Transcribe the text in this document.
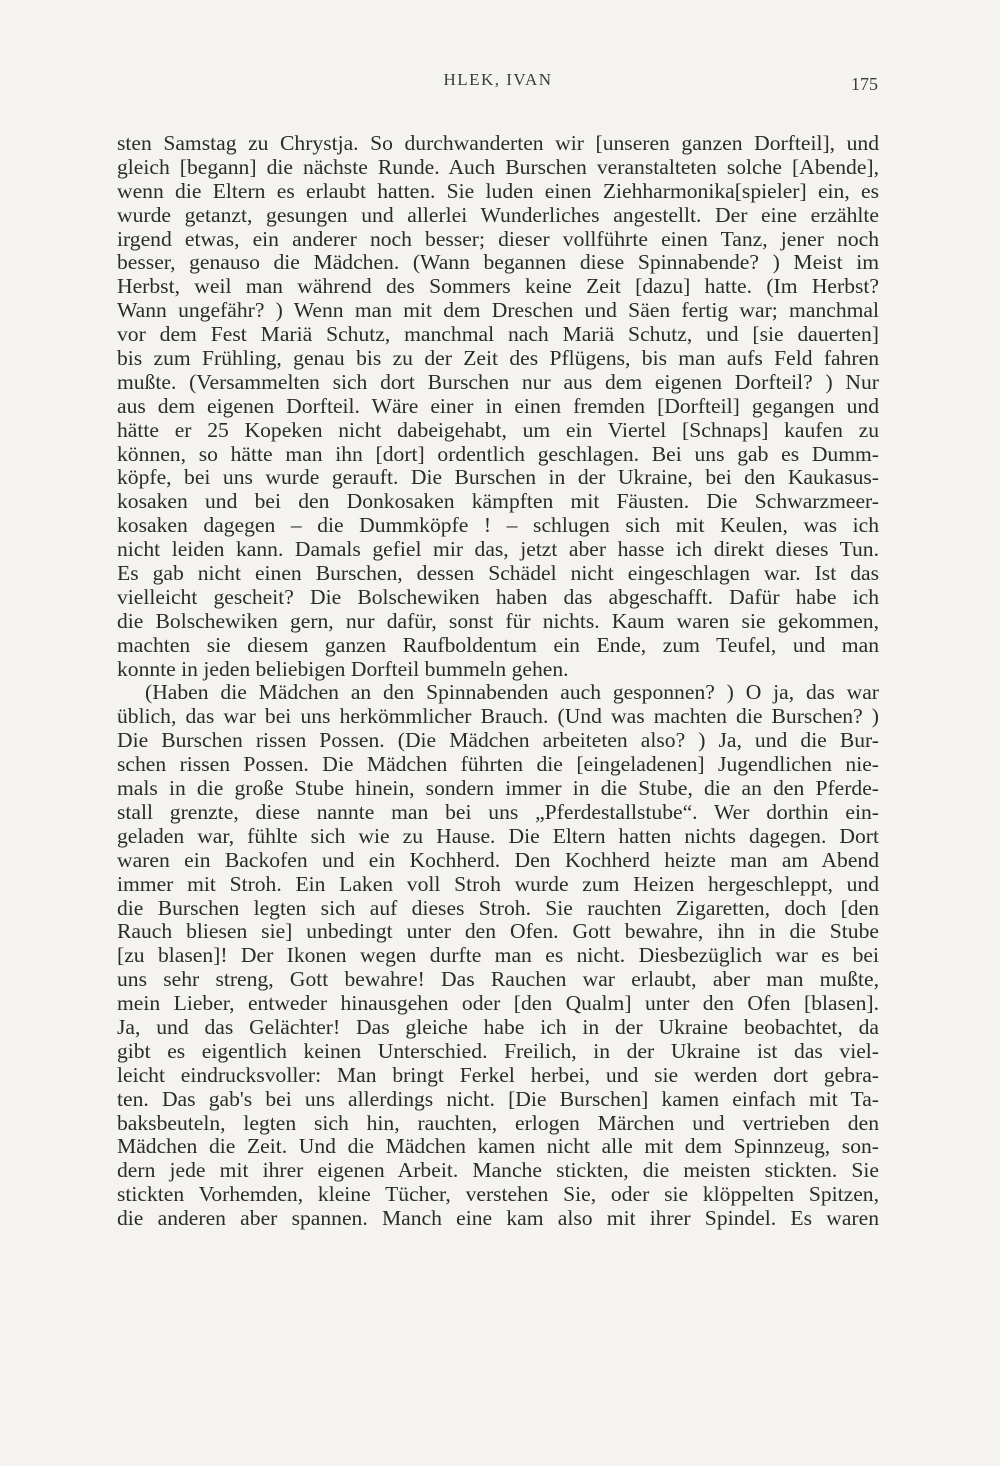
HLEK, IVAN	175
sten Samstag zu Chrystja. So durchwanderten wir [unseren ganzen Dorfteil], und
gleich [begann] die nächste Runde. Auch Burschen veranstalteten solche [Abende],
wenn die Eltern es erlaubt hatten. Sie luden einen Ziehharmonika[spieler] ein, es
wurde getanzt, gesungen und allerlei Wunderliches angestellt. Der eine erzählte
irgend etwas, ein anderer noch besser; dieser vollführte einen Tanz, jener noch
besser, genauso die Mädchen. (Wann begannen diese Spinnabende? ) Meist im
Herbst, weil man während des Sommers keine Zeit [dazu] hatte. (Im Herbst?
Wann ungefähr? ) Wenn man mit dem Dreschen und Säen fertig war; manchmal
vor dem Fest Mariä Schutz, manchmal nach Mariä Schutz, und [sie dauerten]
bis zum Frühling, genau bis zu der Zeit des Pflügens, bis man aufs Feld fahren
mußte. (Versammelten sich dort Burschen nur aus dem eigenen Dorfteil? ) Nur
aus dem eigenen Dorfteil. Wäre einer in einen fremden [Dorfteil] gegangen und
hätte er 25 Kopeken nicht dabeigehabt, um ein Viertel [Schnaps] kaufen zu
können, so hätte man ihn [dort] ordentlich geschlagen. Bei uns gab es Dumm-
köpfe, bei uns wurde gerauft. Die Burschen in der Ukraine, bei den Kaukasus-
kosaken und bei den Donkosaken kämpften mit Fäusten. Die Schwarzmeer-
kosaken dagegen – die Dummköpfe ! – schlugen sich mit Keulen, was ich
nicht leiden kann. Damals gefiel mir das, jetzt aber hasse ich direkt dieses Tun.
Es gab nicht einen Burschen, dessen Schädel nicht eingeschlagen war. Ist das
vielleicht gescheit? Die Bolschewiken haben das abgeschafft. Dafür habe ich
die Bolschewiken gern, nur dafür, sonst für nichts. Kaum waren sie gekommen,
machten sie diesem ganzen Raufboldentum ein Ende, zum Teufel, und man
konnte in jeden beliebigen Dorfteil bummeln gehen.
(Haben die Mädchen an den Spinnabenden auch gesponnen? ) O ja, das war
üblich, das war bei uns herkömmlicher Brauch. (Und was machten die Burschen? )
Die Burschen rissen Possen. (Die Mädchen arbeiteten also? ) Ja, und die Bur-
schen rissen Possen. Die Mädchen führten die [eingeladenen] Jugendlichen nie-
mals in die große Stube hinein, sondern immer in die Stube, die an den Pferde-
stall grenzte, diese nannte man bei uns „Pferdestallstube“. Wer dorthin ein-
geladen war, fühlte sich wie zu Hause. Die Eltern hatten nichts dagegen. Dort
waren ein Backofen und ein Kochherd. Den Kochherd heizte man am Abend
immer mit Stroh. Ein Laken voll Stroh wurde zum Heizen hergeschleppt, und
die Burschen legten sich auf dieses Stroh. Sie rauchten Zigaretten, doch [den
Rauch bliesen sie] unbedingt unter den Ofen. Gott bewahre, ihn in die Stube
[zu blasen]! Der Ikonen wegen durfte man es nicht. Diesbezüglich war es bei
uns sehr streng, Gott bewahre! Das Rauchen war erlaubt, aber man mußte,
mein Lieber, entweder hinausgehen oder [den Qualm] unter den Ofen [blasen].
Ja, und das Gelächter! Das gleiche habe ich in der Ukraine beobachtet, da
gibt es eigentlich keinen Unterschied. Freilich, in der Ukraine ist das viel-
leicht eindrucksvoller: Man bringt Ferkel herbei, und sie werden dort gebra-
ten. Das gab's bei uns allerdings nicht. [Die Burschen] kamen einfach mit Ta-
baksbeuteln, legten sich hin, rauchten, erlogen Märchen und vertrieben den
Mädchen die Zeit. Und die Mädchen kamen nicht alle mit dem Spinnzeug, son-
dern jede mit ihrer eigenen Arbeit. Manche stickten, die meisten stickten. Sie
stickten Vorhemden, kleine Tücher, verstehen Sie, oder sie klöppelten Spitzen,
die anderen aber spannen. Manch eine kam also mit ihrer Spindel. Es waren
